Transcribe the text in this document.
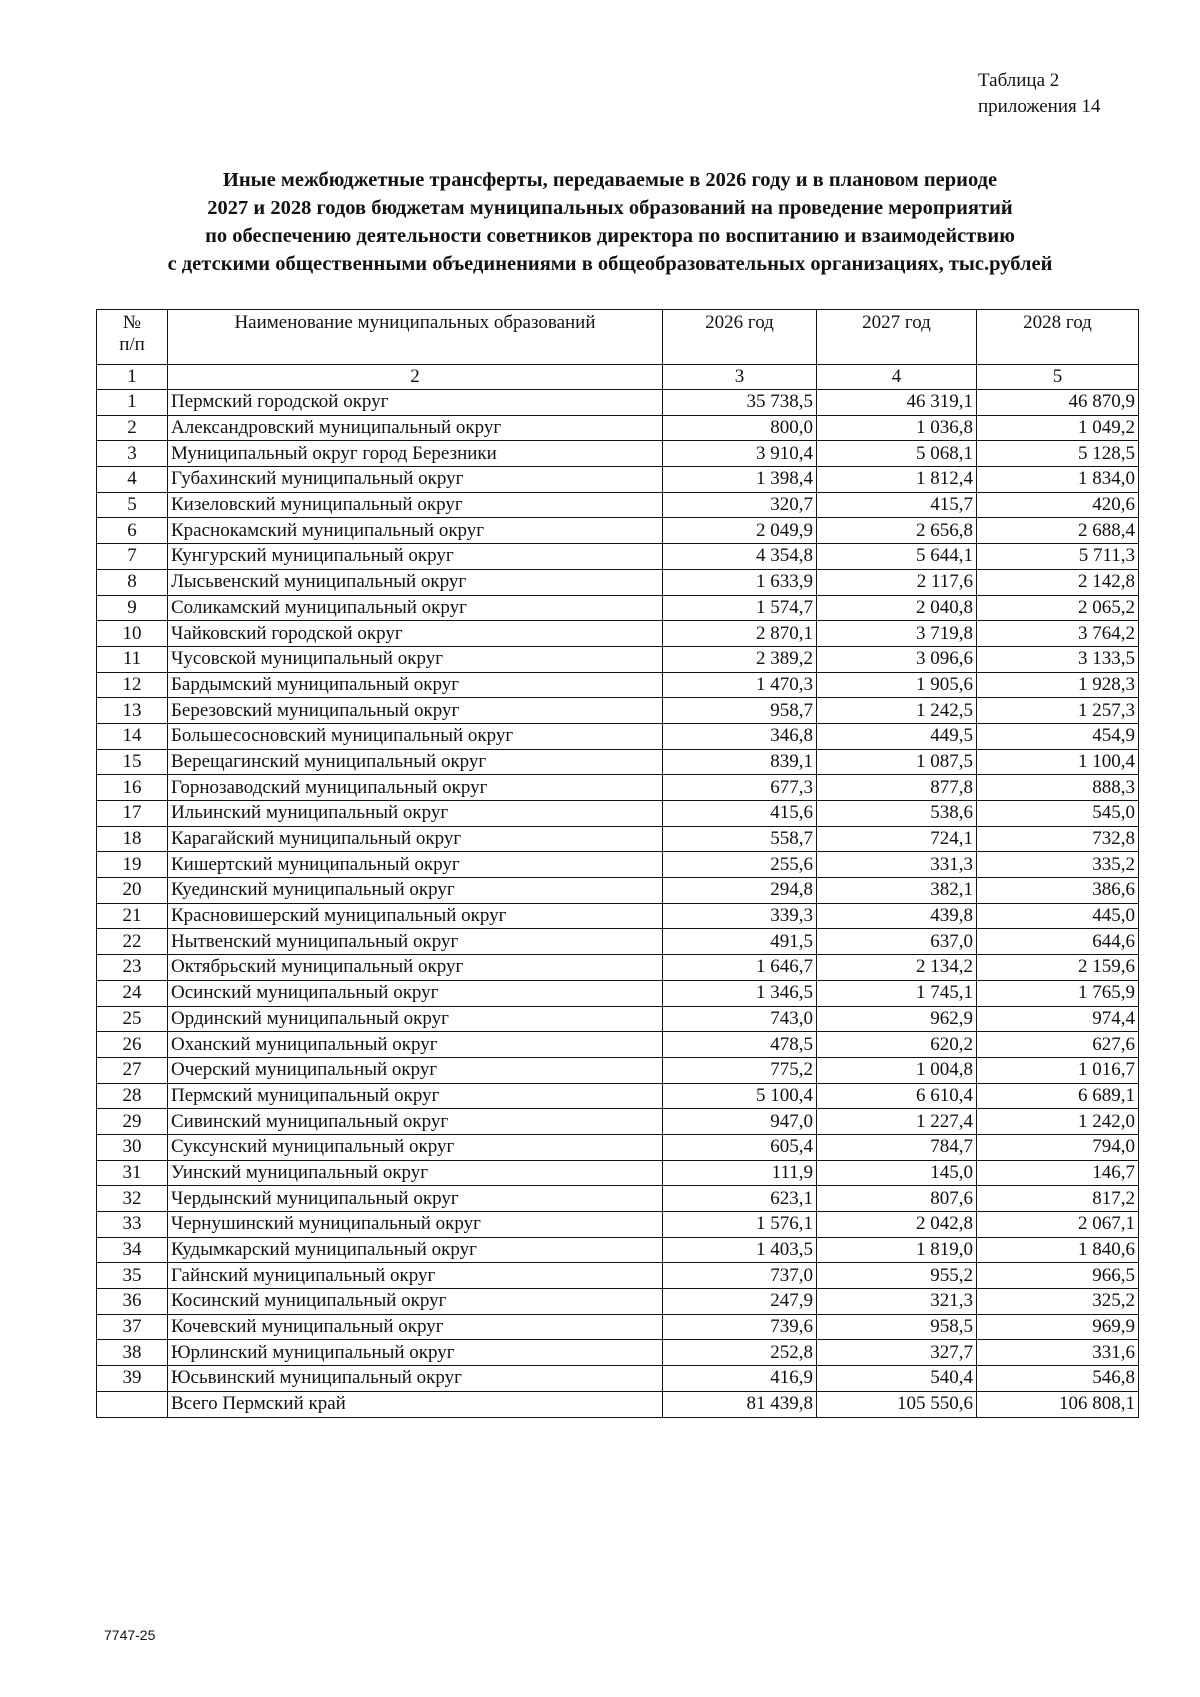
Таблица 2
приложения 14
Иные межбюджетные трансферты, передаваемые в 2026 году и в плановом периоде
2027 и 2028 годов бюджетам муниципальных образований на проведение мероприятий
по обеспечению деятельности советников директора по воспитанию и взаимодействию
с детскими общественными объединениями в общеобразовательных организациях, тыс.рублей
№
п/п	Наименование муниципальных образований	2026 год	2027 год	2028 год
1	2	3	4	5
1	Пермский городской округ	35 738,5	46 319,1	46 870,9
2	Александровский муниципальный округ	800,0	1 036,8	1 049,2
3	Муниципальный округ город Березники	3 910,4	5 068,1	5 128,5
4	Губахинский муниципальный округ	1 398,4	1 812,4	1 834,0
5	Кизеловский муниципальный округ	320,7	415,7	420,6
6	Краснокамский муниципальный округ	2 049,9	2 656,8	2 688,4
7	Кунгурский муниципальный округ	4 354,8	5 644,1	5 711,3
8	Лысьвенский муниципальный округ	1 633,9	2 117,6	2 142,8
9	Соликамский муниципальный округ	1 574,7	2 040,8	2 065,2
10	Чайковский городской округ	2 870,1	3 719,8	3 764,2
11	Чусовской муниципальный округ	2 389,2	3 096,6	3 133,5
12	Бардымский муниципальный округ	1 470,3	1 905,6	1 928,3
13	Березовский муниципальный округ	958,7	1 242,5	1 257,3
14	Большесосновский муниципальный округ	346,8	449,5	454,9
15	Верещагинский муниципальный округ	839,1	1 087,5	1 100,4
16	Горнозаводский муниципальный округ	677,3	877,8	888,3
17	Ильинский муниципальный округ	415,6	538,6	545,0
18	Карагайский муниципальный округ	558,7	724,1	732,8
19	Кишертский муниципальный округ	255,6	331,3	335,2
20	Куединский муниципальный округ	294,8	382,1	386,6
21	Красновишерский муниципальный округ	339,3	439,8	445,0
22	Нытвенский муниципальный округ	491,5	637,0	644,6
23	Октябрьский муниципальный округ	1 646,7	2 134,2	2 159,6
24	Осинский муниципальный округ	1 346,5	1 745,1	1 765,9
25	Ординский муниципальный округ	743,0	962,9	974,4
26	Оханский муниципальный округ	478,5	620,2	627,6
27	Очерский муниципальный округ	775,2	1 004,8	1 016,7
28	Пермский муниципальный округ	5 100,4	6 610,4	6 689,1
29	Сивинский муниципальный округ	947,0	1 227,4	1 242,0
30	Суксунский муниципальный округ	605,4	784,7	794,0
31	Уинский муниципальный округ	111,9	145,0	146,7
32	Чердынский муниципальный округ	623,1	807,6	817,2
33	Чернушинский муниципальный округ	1 576,1	2 042,8	2 067,1
34	Кудымкарский муниципальный округ	1 403,5	1 819,0	1 840,6
35	Гайнский муниципальный округ	737,0	955,2	966,5
36	Косинский муниципальный округ	247,9	321,3	325,2
37	Кочевский муниципальный округ	739,6	958,5	969,9
38	Юрлинский муниципальный округ	252,8	327,7	331,6
39	Юсьвинский муниципальный округ	416,9	540,4	546,8
	Всего Пермский край	81 439,8	105 550,6	106 808,1
7747-25
